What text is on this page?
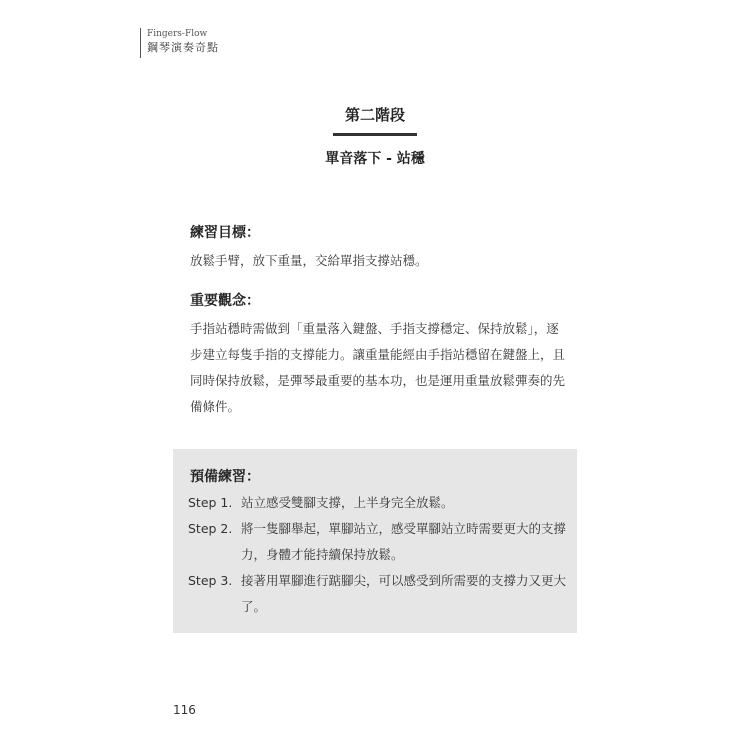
Fingers-Flow
鋼琴演奏奇點
第二階段
單音落下 - 站穩

練習目標：

放鬆手臂，放下重量，交給單指支撐站穩。

重要觀念：

手指站穩時需做到「重量落入鍵盤、手指支撐穩定、保持放鬆」，逐步建立每隻手指的支撐能力。讓重量能經由手指站穩留在鍵盤上，且同時保持放鬆，是彈琴最重要的基本功，也是運用重量放鬆彈奏的先備條件。

預備練習：
Step 1. 站立感受雙腳支撐，上半身完全放鬆。
Step 2. 將一隻腳舉起，單腳站立，感受單腳站立時需要更大的支撐力，身體才能持續保持放鬆。
Step 3. 接著用單腳進行踮腳尖，可以感受到所需要的支撐力又更大了。
116
